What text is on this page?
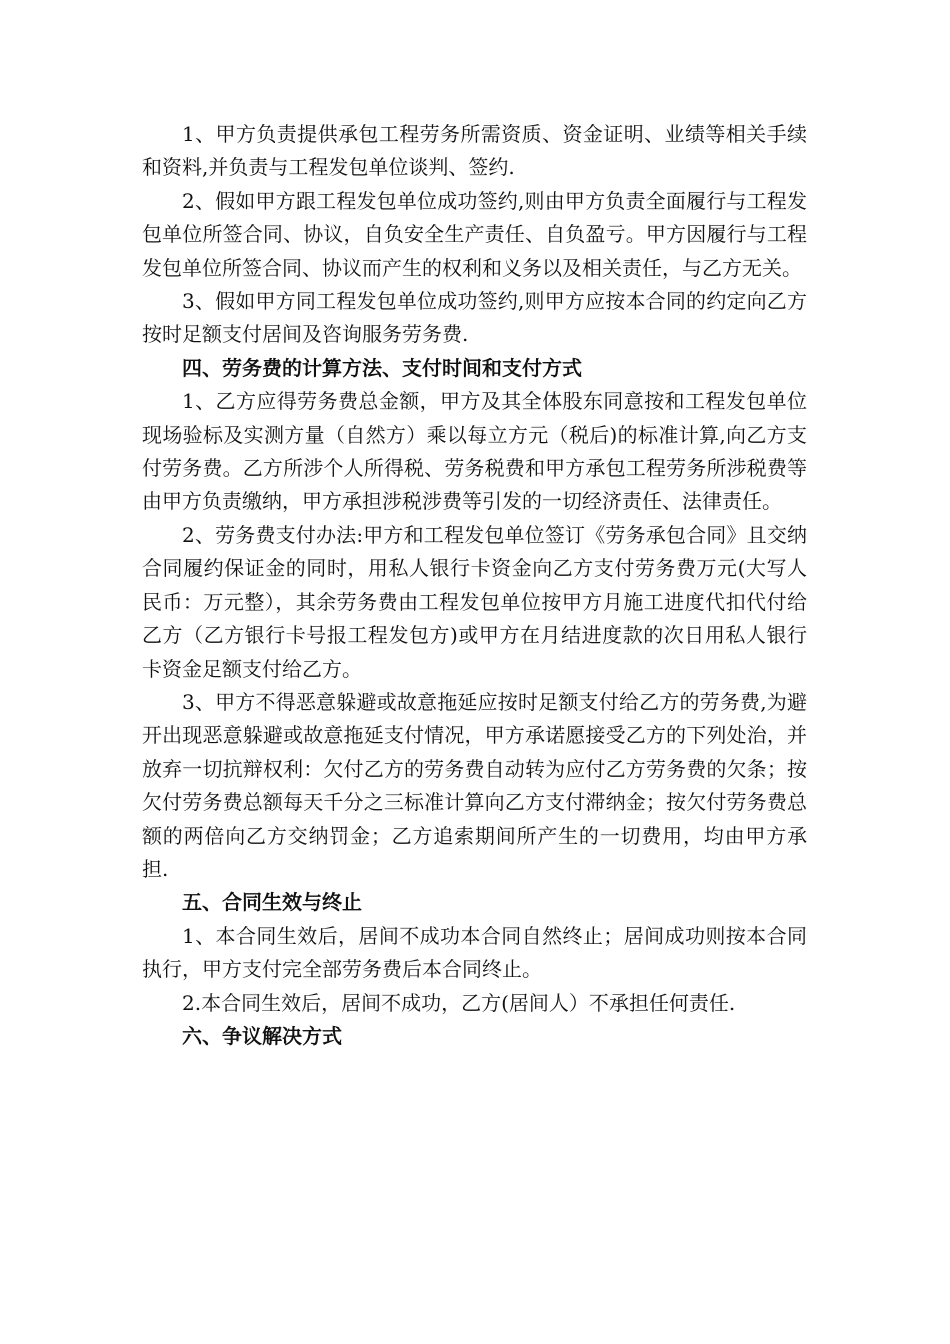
1、甲方负责提供承包工程劳务所需资质、资金证明、业绩等相关手续和资料,并负责与工程发包单位谈判、签约.

2、假如甲方跟工程发包单位成功签约,则由甲方负责全面履行与工程发包单位所签合同、协议，自负安全生产责任、自负盈亏。甲方因履行与工程发包单位所签合同、协议而产生的权利和义务以及相关责任，与乙方无关。

3、假如甲方同工程发包单位成功签约,则甲方应按本合同的约定向乙方按时足额支付居间及咨询服务劳务费.

四、劳务费的计算方法、支付时间和支付方式

1、乙方应得劳务费总金额，甲方及其全体股东同意按和工程发包单位现场验标及实测方量（自然方）乘以每立方元（税后)的标准计算,向乙方支付劳务费。乙方所涉个人所得税、劳务税费和甲方承包工程劳务所涉税费等由甲方负责缴纳，甲方承担涉税涉费等引发的一切经济责任、法律责任。

2、劳务费支付办法:甲方和工程发包单位签订《劳务承包合同》且交纳合同履约保证金的同时，用私人银行卡资金向乙方支付劳务费万元(大写人民币：万元整），其余劳务费由工程发包单位按甲方月施工进度代扣代付给乙方（乙方银行卡号报工程发包方)或甲方在月结进度款的次日用私人银行卡资金足额支付给乙方。

3、甲方不得恶意躲避或故意拖延应按时足额支付给乙方的劳务费,为避开出现恶意躲避或故意拖延支付情况，甲方承诺愿接受乙方的下列处治，并放弃一切抗辩权利：欠付乙方的劳务费自动转为应付乙方劳务费的欠条；按欠付劳务费总额每天千分之三标准计算向乙方支付滞纳金；按欠付劳务费总额的两倍向乙方交纳罚金；乙方追索期间所产生的一切费用，均由甲方承担.

五、合同生效与终止

1、本合同生效后，居间不成功本合同自然终止；居间成功则按本合同执行，甲方支付完全部劳务费后本合同终止。

2.本合同生效后，居间不成功，乙方(居间人）不承担任何责任.

六、争议解决方式
